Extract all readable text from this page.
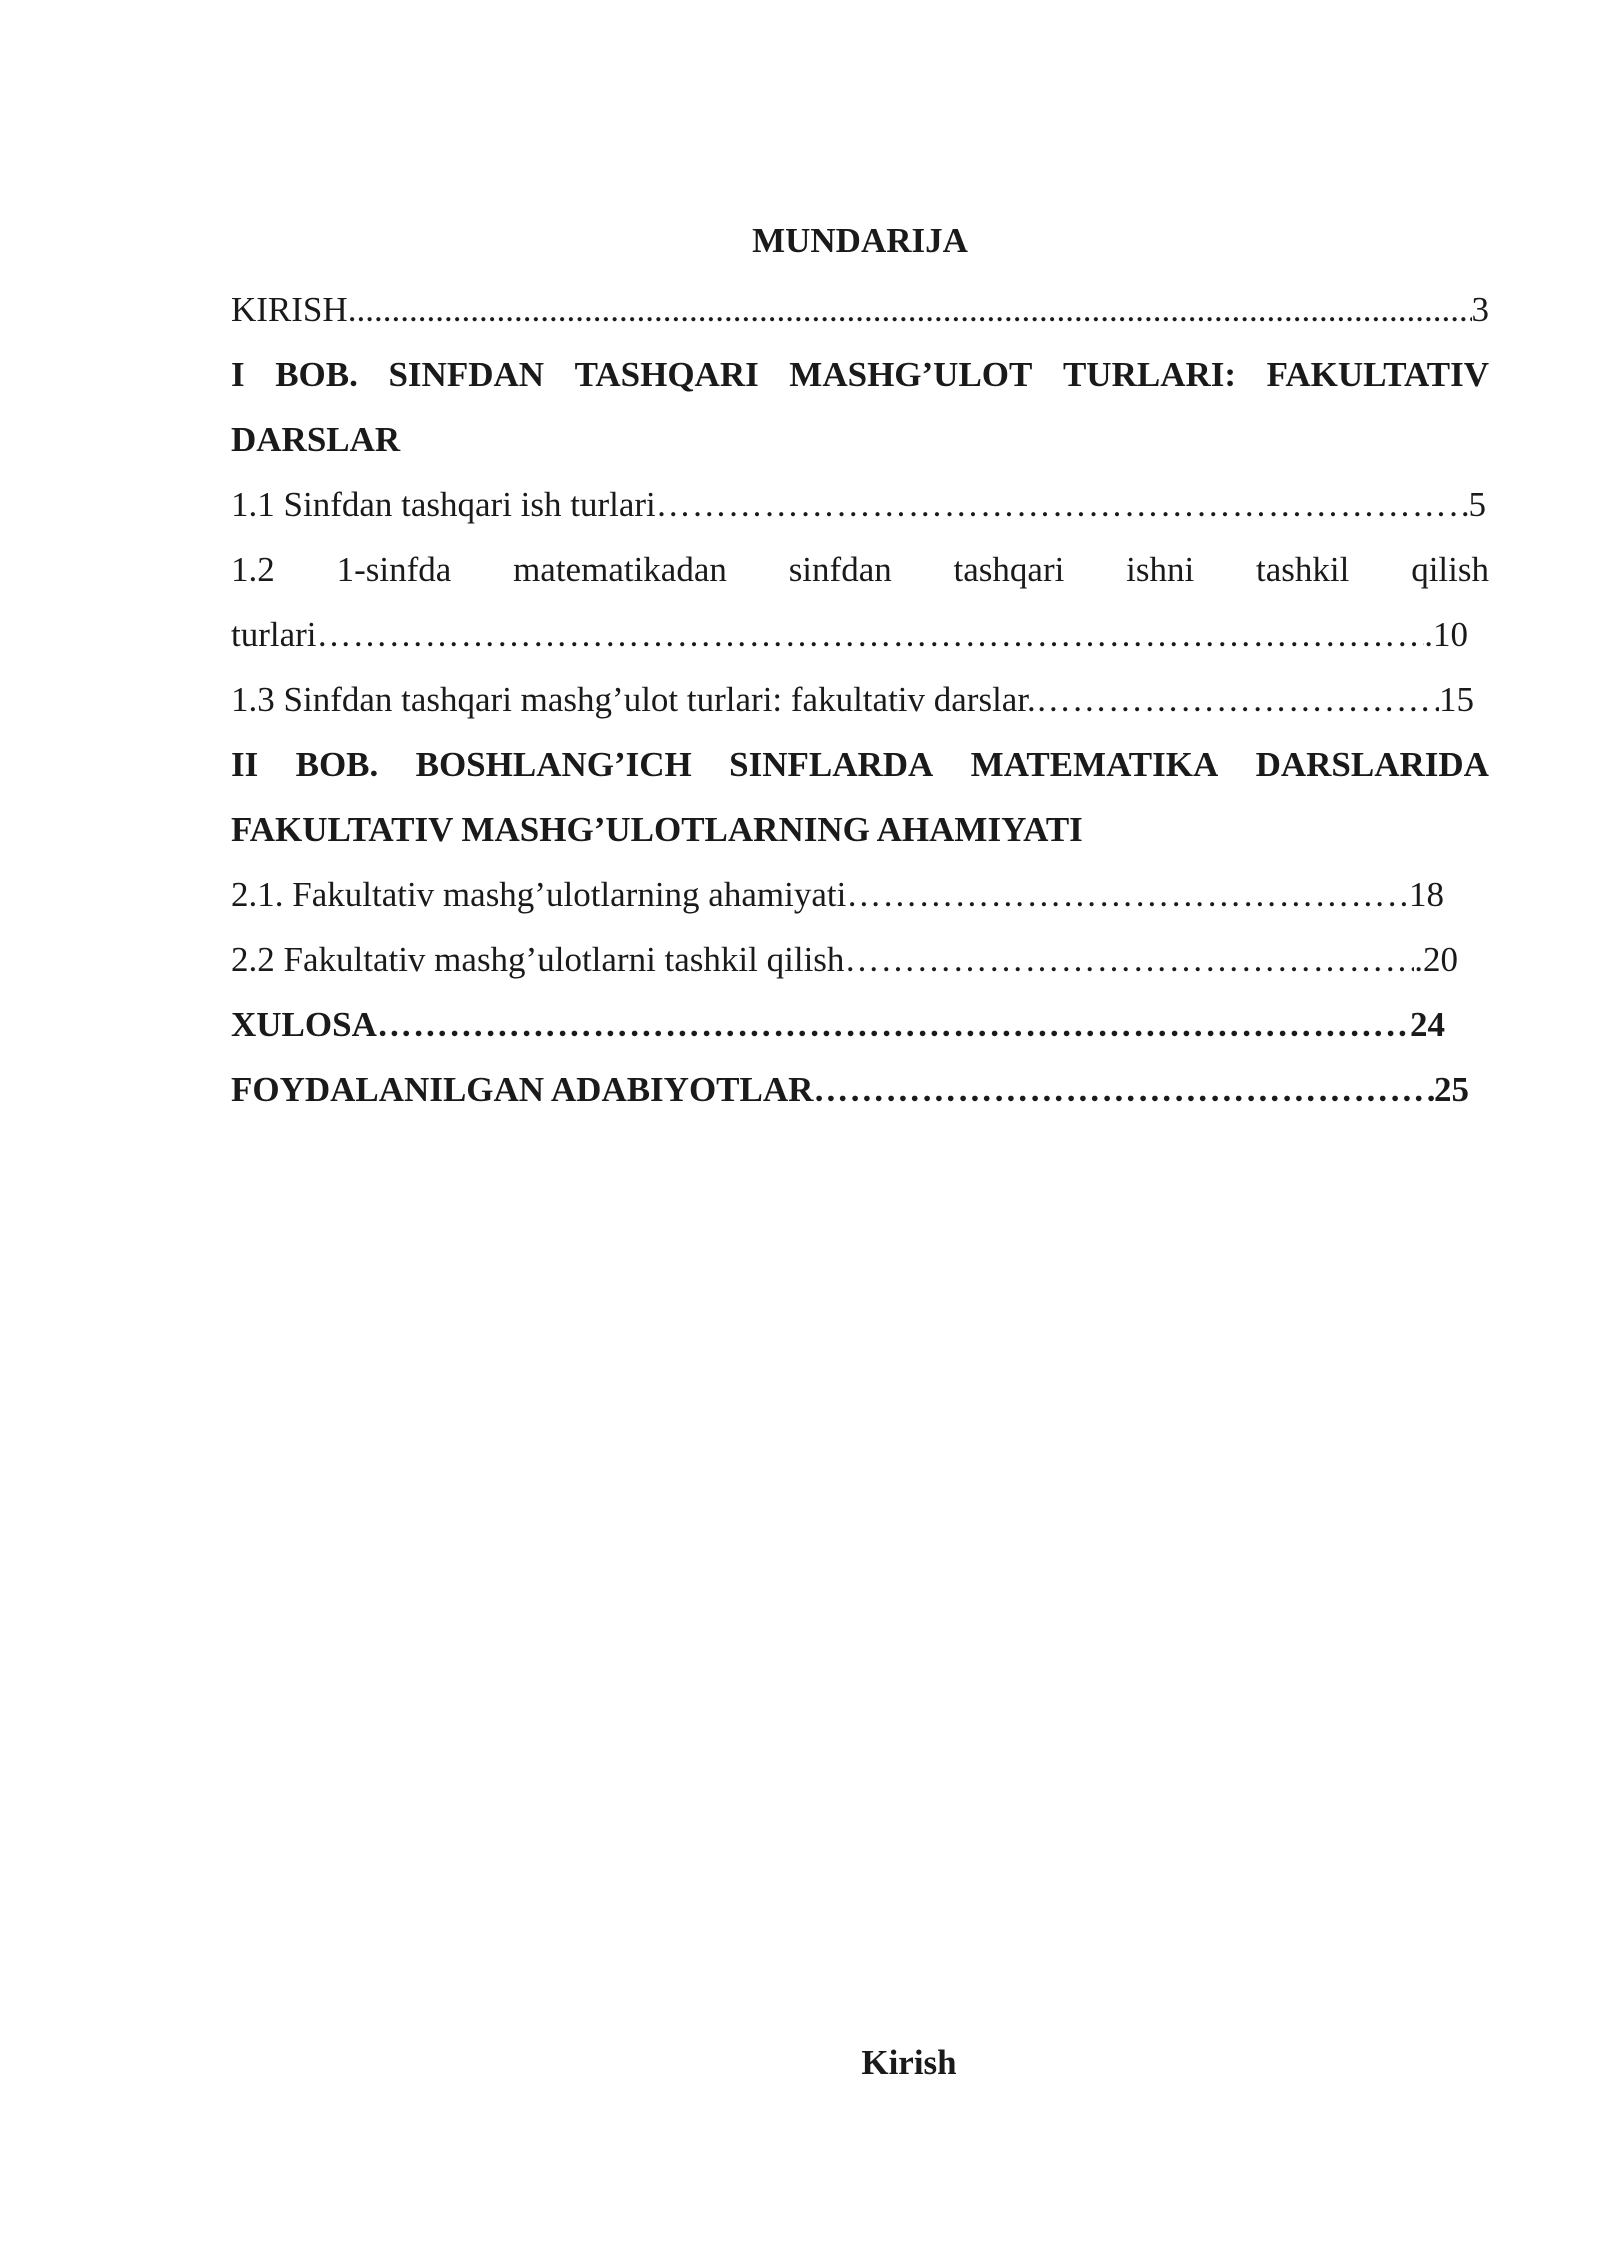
MUNDARIJA
KIRISH .....	3
I BOB. SINFDAN TASHQARI MASHG’ULOT TURLARI: FAKULTATIV
DARSLAR
1.1 Sinfdan tashqari ish turlari …………………………………………………………………………………………………………………………………………………………………	5
1.2 1-sinfda matematikadan sinfdan tashqari ishni tashkil qilish
turlari …………………………………………………………………………………………………………………………………………………………………	.10
1.3 Sinfdan tashqari mashg’ulot turlari: fakultativ darslar. …………………………………………………………………………………………………………………………………………………………………	15
II BOB. BOSHLANG’ICH SINFLARDA MATEMATIKA DARSLARIDA
FAKULTATIV MASHG’ULOTLARNING AHAMIYATI
2.1. Fakultativ mashg’ulotlarning ahamiyati …………………………………………………………………………………………………………………………………………………………………	18
2.2 Fakultativ mashg’ulotlarni tashkil qilish …………………………………………………………………………………………………………………………………………………………………	.20
XULOSA …………………………………………………………………………………………………………………………………………………………………	24
FOYDALANILGAN ADABIYOTLAR …………………………………………………………………………………………………………………………………………………………………	25
Kirish
